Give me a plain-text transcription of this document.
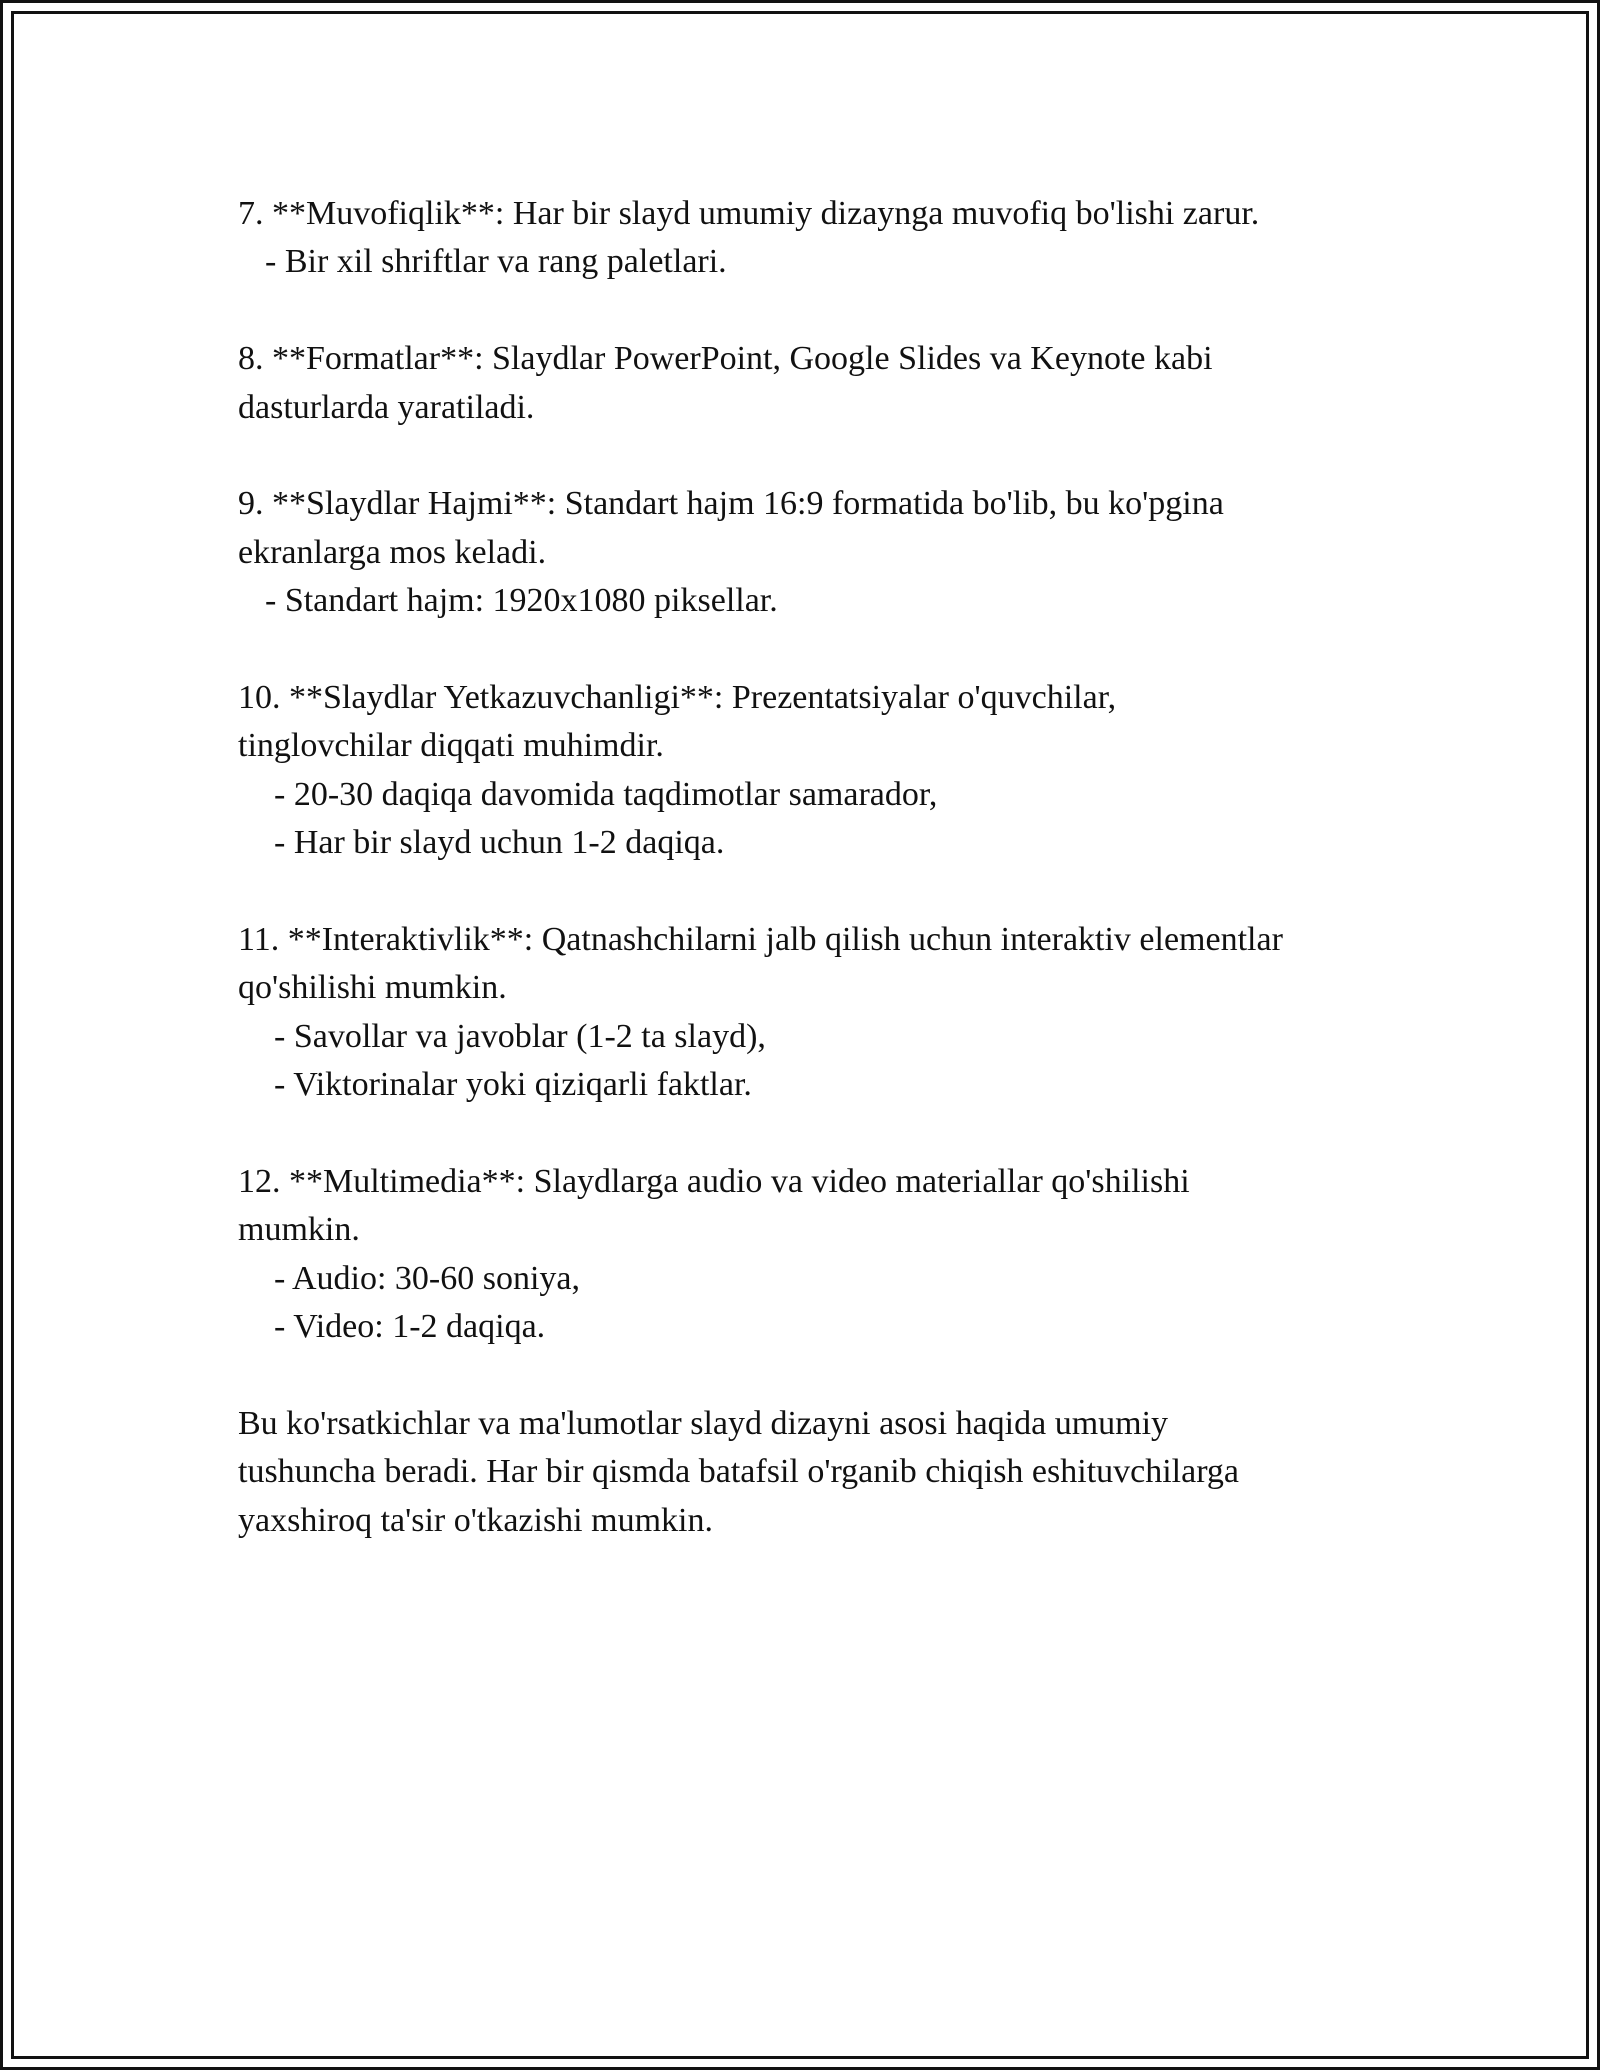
7. **Muvofiqlik**: Har bir slayd umumiy dizaynga muvofiq bo'lishi zarur.
- Bir xil shriftlar va rang paletlari.
8. **Formatlar**: Slaydlar PowerPoint, Google Slides va Keynote kabi
dasturlarda yaratiladi.
9. **Slaydlar Hajmi**: Standart hajm 16:9 formatida bo'lib, bu ko'pgina
ekranlarga mos keladi.
- Standart hajm: 1920x1080 piksellar.
10. **Slaydlar Yetkazuvchanligi**: Prezentatsiyalar o'quvchilar,
tinglovchilar diqqati muhimdir.
- 20-30 daqiqa davomida taqdimotlar samarador,
- Har bir slayd uchun 1-2 daqiqa.
11. **Interaktivlik**: Qatnashchilarni jalb qilish uchun interaktiv elementlar
qo'shilishi mumkin.
- Savollar va javoblar (1-2 ta slayd),
- Viktorinalar yoki qiziqarli faktlar.
12. **Multimedia**: Slaydlarga audio va video materiallar qo'shilishi
mumkin.
- Audio: 30-60 soniya,
- Video: 1-2 daqiqa.
Bu ko'rsatkichlar va ma'lumotlar slayd dizayni asosi haqida umumiy
tushuncha beradi. Har bir qismda batafsil o'rganib chiqish eshituvchilarga
yaxshiroq ta'sir o'tkazishi mumkin.
